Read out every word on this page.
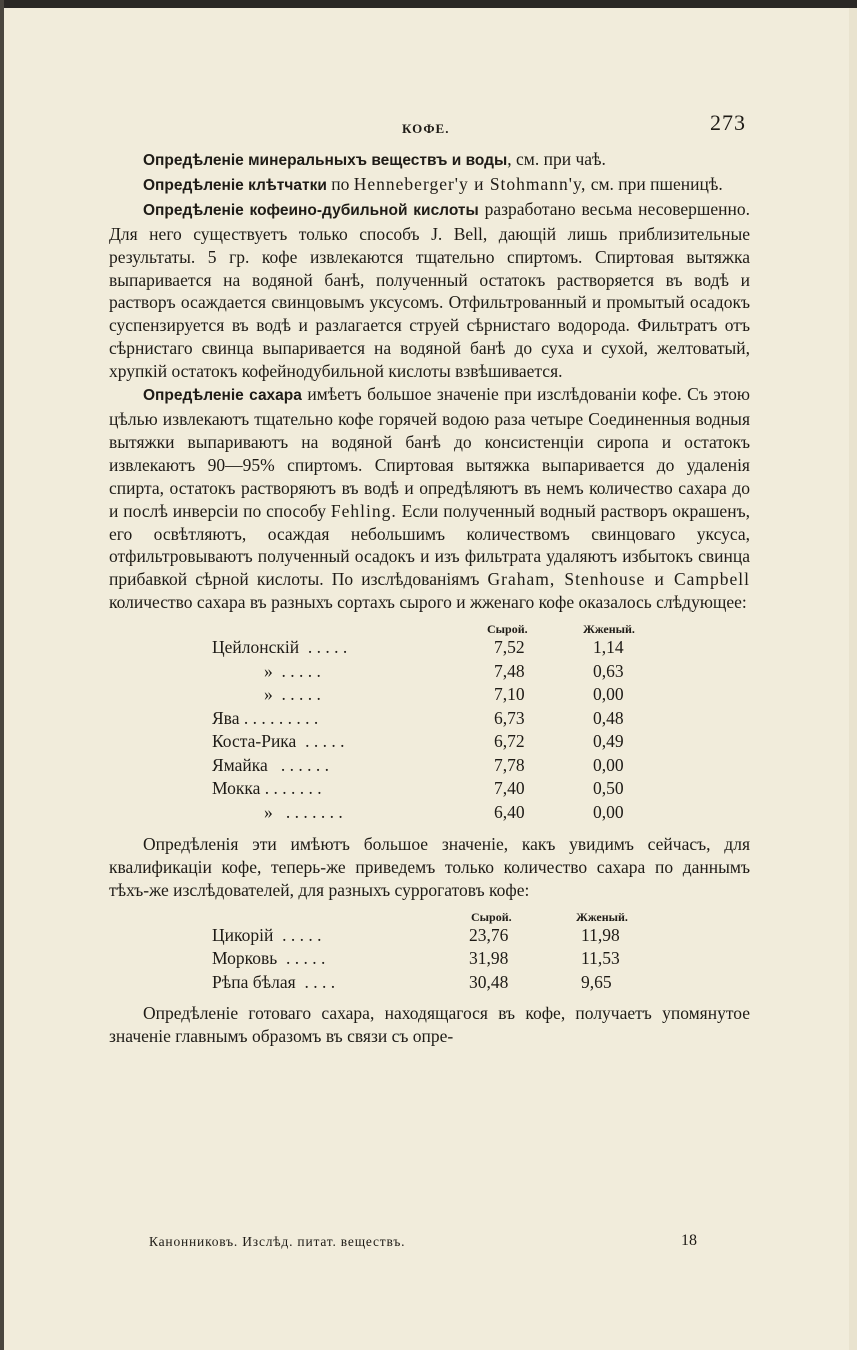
КОФЕ.	273

Опредѣленіе минеральныхъ веществъ и воды, см. при чаѣ.

Опредѣленіе клѣтчатки по Henneberger'у и Stohmann'у, см. при пшеницѣ.

Опредѣленіе кофеино-дубильной кислоты разработано весьма несовершенно. Для него существуетъ только способъ J. Bell, дающій лишь приблизительные результаты. 5 гр. кофе извлекаются тщательно спиртомъ. Спиртовая вытяжка выпаривается на водяной банѣ, полученный остатокъ растворяется въ водѣ и растворъ осаждается свинцовымъ уксусомъ. Отфильтрованный и промытый осадокъ суспензируется въ водѣ и разлагается струей сѣрнистаго водорода. Фильтратъ отъ сѣрнистаго свинца выпаривается на водяной банѣ до суха и сухой, желтоватый, хрупкій остатокъ кофейнодубильной кислоты взвѣшивается.

Опредѣленіе сахара имѣетъ большое значеніе при изслѣдованіи кофе. Съ этою цѣлью извлекаютъ тщательно кофе горячей водою раза четыре Соединенныя водныя вытяжки выпариваютъ на водяной банѣ до консистенціи сиропа и остатокъ извлекаютъ 90—95% спиртомъ. Спиртовая вытяжка выпаривается до удаленія спирта, остатокъ растворяютъ въ водѣ и опредѣляютъ въ немъ количество сахара до и послѣ инверсіи по способу Fehling. Если полученный водный растворъ окрашенъ, его освѣтляютъ, осаждая небольшимъ количествомъ свинцоваго уксуса, отфильтровываютъ полученный осадокъ и изъ фильтрата удаляютъ избытокъ свинца прибавкой сѣрной кислоты. По изслѣдованіямъ Graham, Stenhouse и Campbell количество сахара въ разныхъ сортахъ сырого и жженаго кофе оказалось слѣдующее:

Сырой.	Жженый.
Цейлонскій  . . . . .	7,52	1,14
»  . . . . .	7,48	0,63
»  . . . . .	7,10	0,00
Ява . . . . . . . . .	6,73	0,48
Коста-Рика  . . . . .	6,72	0,49
Ямайка   . . . . . .	7,78	0,00
Мокка . . . . . . .	7,40	0,50
»   . . . . . . .	6,40	0,00

Опредѣленія эти имѣютъ большое значеніе, какъ увидимъ сейчасъ, для квалификаціи кофе, теперь-же приведемъ только количество сахара по даннымъ тѣхъ-же изслѣдователей, для разныхъ суррогатовъ кофе:

Сырой.	Жженый.
Цикорій  . . . . .	23,76	11,98
Морковь  . . . . .	31,98	11,53
Рѣпа бѣлая  . . . .	30,48	9,65

Опредѣленіе готоваго сахара, находящагося въ кофе, получаетъ упомянутое значеніе главнымъ образомъ въ связи съ опре-

Канонниковъ. Изслѣд. питат. веществъ.	18
